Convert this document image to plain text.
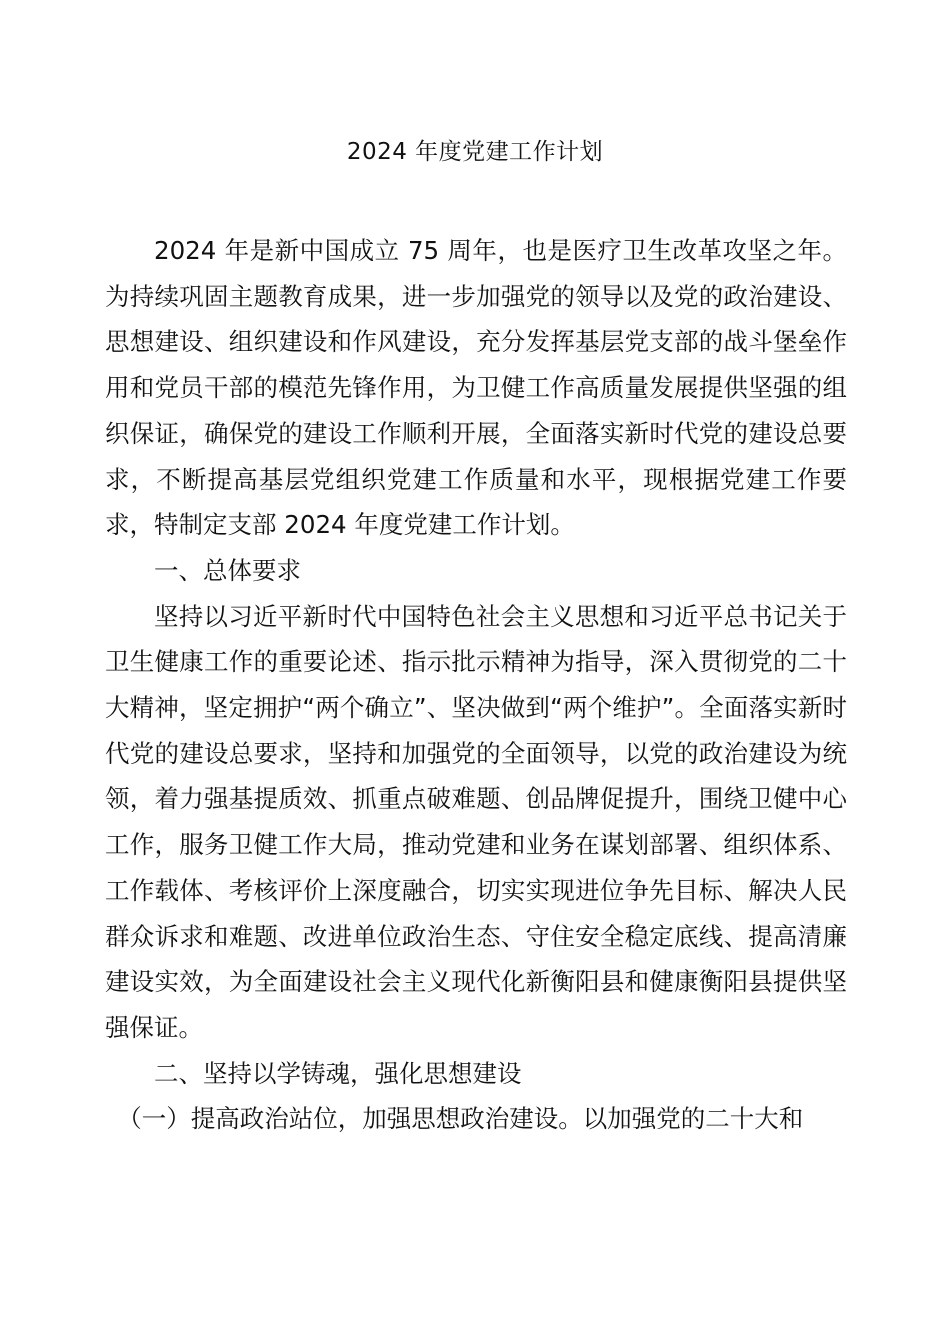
2024 年度党建工作计划

2024 年是新中国成立 75 周年，也是医疗卫生改革攻坚之年。为持续巩固主题教育成果，进一步加强党的领导以及党的政治建设、思想建设、组织建设和作风建设，充分发挥基层党支部的战斗堡垒作用和党员干部的模范先锋作用，为卫健工作高质量发展提供坚强的组织保证，确保党的建设工作顺利开展，全面落实新时代党的建设总要求，不断提高基层党组织党建工作质量和水平，现根据党建工作要求，特制定支部 2024 年度党建工作计划。

一、总体要求

坚持以习近平新时代中国特色社会主义思想和习近平总书记关于卫生健康工作的重要论述、指示批示精神为指导，深入贯彻党的二十大精神，坚定拥护“两个确立”、坚决做到“两个维护”。全面落实新时代党的建设总要求，坚持和加强党的全面领导，以党的政治建设为统领，着力强基提质效、抓重点破难题、创品牌促提升，围绕卫健中心工作，服务卫健工作大局，推动党建和业务在谋划部署、组织体系、工作载体、考核评价上深度融合，切实实现进位争先目标、解决人民群众诉求和难题、改进单位政治生态、守住安全稳定底线、提高清廉建设实效，为全面建设社会主义现代化新衡阳县和健康衡阳县提供坚强保证。

二、坚持以学铸魂，强化思想建设

（一）提高政治站位，加强思想政治建设。以加强党的二十大和
